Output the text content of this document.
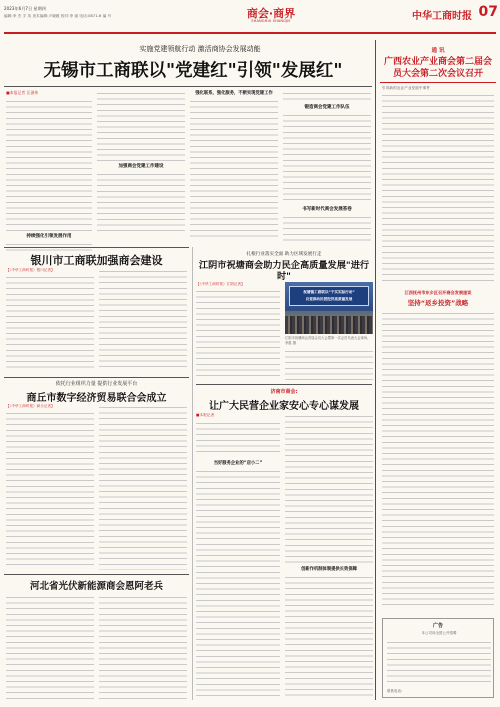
2023年6月7日 星期四
编辑:李 杰 字 英 美术编辑:卢晓媛 校对:李 丽 电话:0871-6 编 号	商会·商界
SHANGHUI SHANGJIE	中华工商时报 07
实施党建领航行动 激活商协会发展动能
无锡市工商联以"党建红"引领"发展红"
■本报记者 汪滋伟
持续强化引领发展作用
加强商会党建工作建设
强化联系，强化服务，不断实现党建工作
锻造商会党建工作队伍
书写新时代商会发展答卷
通 讯
广西农业产业商会第二届会员大会第二次会议召开
引导新的农业产业发展中事件
江西抚州市东乡区召开商会发展座谈
坚持“返乡投资”战略
广告
本公司向全国公开招聘
联系电话:
银川市工商联加强商会建设
【《中华工商时报》银川记者】
依托行业组织力量 提供行业发展平台
商丘市数字经济贸易联合会成立
【《中华工商时报》商丘记者】
河北省光伏新能源商会恩阿老兵
扎根行业落实全面 助力区域发展行走
江阴市祝塘商会助力民企高质量发展"进行时"
【《中华工商时报》江阴记者】
祝塘镇工商联以“干实实际行动”
自觉推动民营经济高质量发展
江阴市祝塘商会首届会员大会暨第一次会员代表大会现场。 李磊 摄
济南市商会:
让广大民营企业家安心专心谋发展
■本报记者
当好服务企业的“店小二”
创新作机制体制提供长效保障
